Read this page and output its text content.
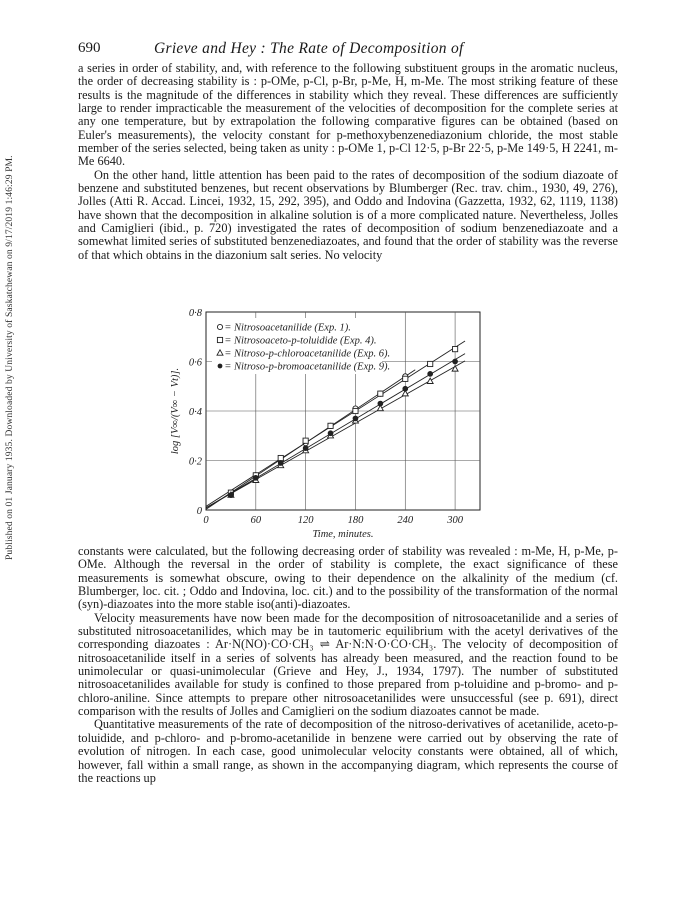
Published on 01 January 1935. Downloaded by University of Saskatchewan on 9/17/2019 1:46:29 PM.
690	Grieve and Hey : The Rate of Decomposition of

a series in order of stability, and, with reference to the following substituent groups in the aromatic nucleus, the order of decreasing stability is : p-OMe, p-Cl, p-Br, p-Me, H, m-Me. The most striking feature of these results is the magnitude of the differences in stability which they reveal. These differences are sufficiently large to render impracticable the measurement of the velocities of decomposition for the complete series at any one temperature, but by extrapolation the following comparative figures can be obtained (based on Euler's measurements), the velocity constant for p-methoxybenzenediazonium chloride, the most stable member of the series selected, being taken as unity : p-OMe 1, p-Cl 12·5, p-Br 22·5, p-Me 149·5, H 2241, m-Me 6640.

On the other hand, little attention has been paid to the rates of decomposition of the sodium diazoate of benzene and substituted benzenes, but recent observations by Blumberger (Rec. trav. chim., 1930, 49, 276), Jolles (Atti R. Accad. Lincei, 1932, 15, 292, 395), and Oddo and Indovina (Gazzetta, 1932, 62, 1119, 1138) have shown that the decomposition in alkaline solution is of a more complicated nature. Nevertheless, Jolles and Camiglieri (ibid., p. 720) investigated the rates of decomposition of sodium benzenediazoate and a somewhat limited series of substituted benzenediazoates, and found that the order of stability was the reverse of that which obtains in the diazonium salt series. No velocity

0	60	120	180	240	300
0
0·2
0·4
0·6
0·8
Time, minutes.
log [V∞/(V∞ − Vt)].
= Nitrosoacetanilide (Exp. 1).
= Nitrosoaceto-p-toluidide (Exp. 4).
= Nitroso-p-chloroacetanilide (Exp. 6).
= Nitroso-p-bromoacetanilide (Exp. 9).

constants were calculated, but the following decreasing order of stability was revealed : m-Me, H, p-Me, p-OMe. Although the reversal in the order of stability is complete, the exact significance of these measurements is somewhat obscure, owing to their dependence on the alkalinity of the medium (cf. Blumberger, loc. cit. ; Oddo and Indovina, loc. cit.) and to the possibility of the transformation of the normal (syn)-diazoates into the more stable iso(anti)-diazoates.

Velocity measurements have now been made for the decomposition of nitrosoacetanilide and a series of substituted nitrosoacetanilides, which may be in tautomeric equilibrium with the acetyl derivatives of the corresponding diazoates : Ar·N(NO)·CO·CH₃ ⇌ Ar·N:N·O·CO·CH₃. The velocity of decomposition of nitrosoacetanilide itself in a series of solvents has already been measured, and the reaction found to be unimolecular or quasi-unimolecular (Grieve and Hey, J., 1934, 1797). The number of substituted nitrosoacetanilides available for study is confined to those prepared from p-toluidine and p-bromo- and p-chloro-aniline. Since attempts to prepare other nitrosoacetanilides were unsuccessful (see p. 691), direct comparison with the results of Jolles and Camiglieri on the sodium diazoates cannot be made.

Quantitative measurements of the rate of decomposition of the nitroso-derivatives of acetanilide, aceto-p-toluidide, and p-chloro- and p-bromo-acetanilide in benzene were carried out by observing the rate of evolution of nitrogen. In each case, good unimolecular velocity constants were obtained, all of which, however, fall within a small range, as shown in the accompanying diagram, which represents the course of the reactions up
